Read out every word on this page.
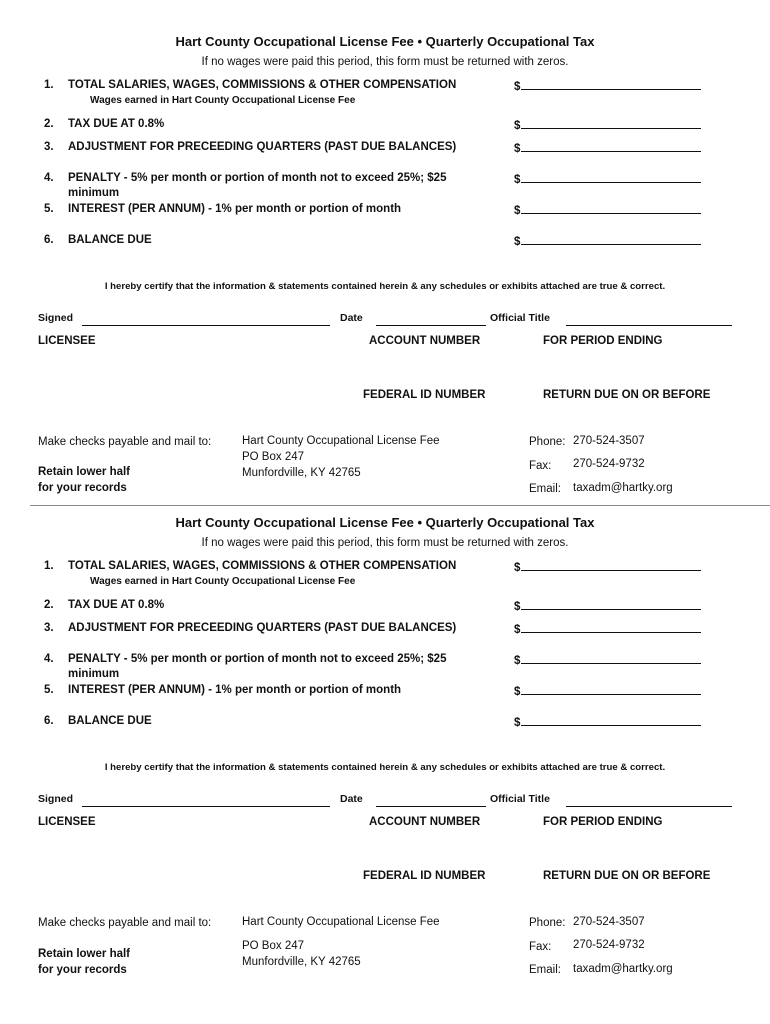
Hart County Occupational License Fee • Quarterly Occupational Tax
If no wages were paid this period, this form must be returned with zeros.
1. TOTAL SALARIES, WAGES, COMMISSIONS & OTHER COMPENSATION
Wages earned in Hart County Occupational License Fee
$
2. TAX DUE AT 0.8%	$
3. ADJUSTMENT FOR PRECEEDING QUARTERS (PAST DUE BALANCES)	$
4. PENALTY - 5% per month or portion of month not to exceed 25%; $25
minimum
$
5. INTEREST (PER ANNUM) - 1% per month or portion of month	$
6. BALANCE DUE	$
I hereby certify that the information & statements contained herein & any schedules or exhibits attached are true & correct.
Signed	Date	Official Title
LICENSEE	ACCOUNT NUMBER	FOR PERIOD ENDING
FEDERAL ID NUMBER	RETURN DUE ON OR BEFORE
Make checks payable and mail to:	Hart County Occupational License Fee
PO Box 247
Munfordville, KY 42765
Retain lower half
for your records
Phone: 270-524-3507
Fax: 270-524-9732
Email: taxadm@hartky.org
Hart County Occupational License Fee • Quarterly Occupational Tax
If no wages were paid this period, this form must be returned with zeros.
1. TOTAL SALARIES, WAGES, COMMISSIONS & OTHER COMPENSATION
Wages earned in Hart County Occupational License Fee
$
2. TAX DUE AT 0.8%	$
3. ADJUSTMENT FOR PRECEEDING QUARTERS (PAST DUE BALANCES)	$
4. PENALTY - 5% per month or portion of month not to exceed 25%; $25
minimum
$
5. INTEREST (PER ANNUM) - 1% per month or portion of month	$
6. BALANCE DUE	$
I hereby certify that the information & statements contained herein & any schedules or exhibits attached are true & correct.
Signed	Date	Official Title
LICENSEE	ACCOUNT NUMBER	FOR PERIOD ENDING
FEDERAL ID NUMBER	RETURN DUE ON OR BEFORE
Make checks payable and mail to:	Hart County Occupational License Fee
PO Box 247
Munfordville, KY 42765
Retain lower half
for your records
Phone: 270-524-3507
Fax: 270-524-9732
Email: taxadm@hartky.org
